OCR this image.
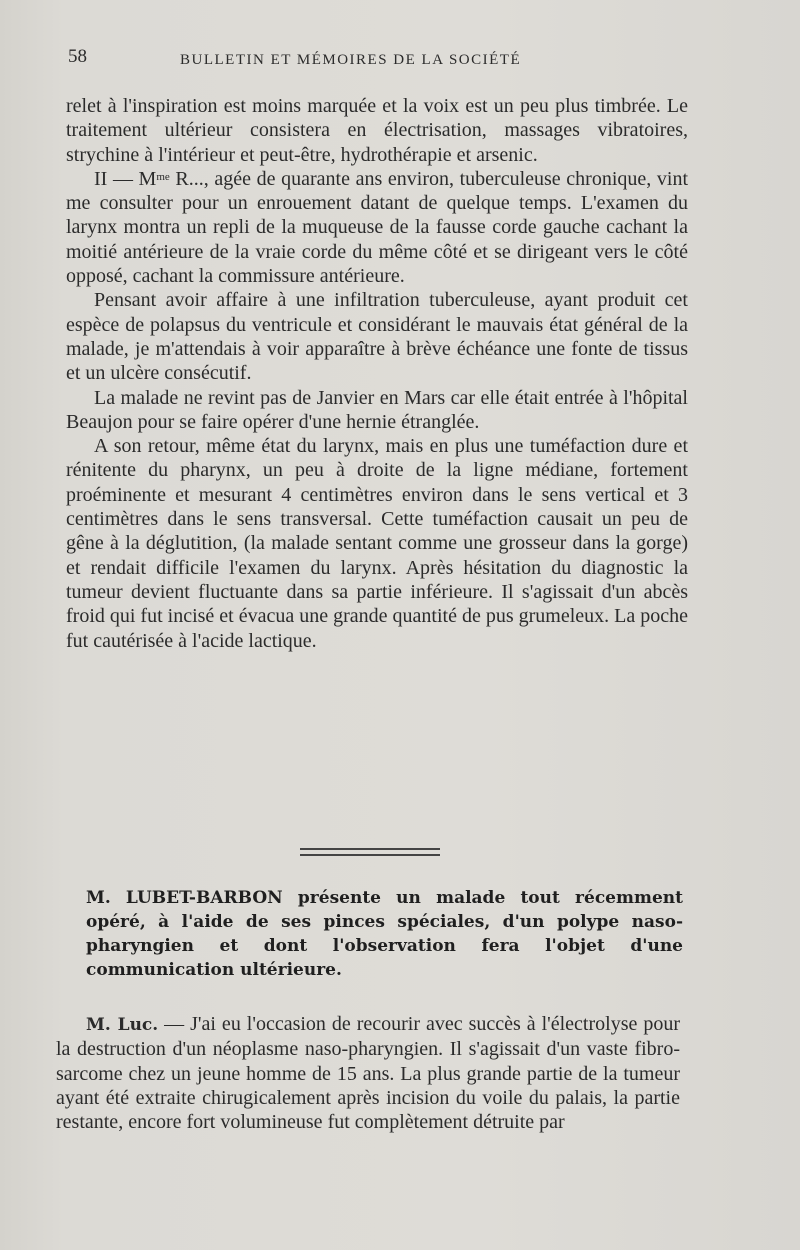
58	BULLETIN ET MÉMOIRES DE LA SOCIÉTÉ

relet à l'inspiration est moins marquée et la voix est un peu plus timbrée. Le traitement ultérieur consistera en électrisation, massages vibratoires, strychine à l'intérieur et peut-être, hydrothérapie et arsenic.

II — $M^{me}$ R..., agée de quarante ans environ, tuberculeuse chronique, vint me consulter pour un enrouement datant de quelque temps. L'examen du larynx montra un repli de la muqueuse de la fausse corde gauche cachant la moitié antérieure de la vraie corde du même côté et se dirigeant vers le côté opposé, cachant la commissure antérieure.

Pensant avoir affaire à une infiltration tuberculeuse, ayant produit cet espèce de polapsus du ventricule et considérant le mauvais état général de la malade, je m'attendais à voir apparaître à brève échéance une fonte de tissus et un ulcère consécutif.

La malade ne revint pas de Janvier en Mars car elle était entrée à l'hôpital Beaujon pour se faire opérer d'une hernie étranglée.

A son retour, même état du larynx, mais en plus une tuméfaction dure et rénitente du pharynx, un peu à droite de la ligne médiane, fortement proéminente et mesurant 4 centimètres environ dans le sens vertical et 3 centimètres dans le sens transversal. Cette tuméfaction causait un peu de gêne à la déglutition, (la malade sentant comme une grosseur dans la gorge) et rendait difficile l'examen du larynx. Après hésitation du diagnostic la tumeur devient fluctuante dans sa partie inférieure. Il s'agissait d'un abcès froid qui fut incisé et évacua une grande quantité de pus grumeleux. La poche fut cautérisée à l'acide lactique.

M. LUBET-BARBON présente un malade tout récemment opéré, à l'aide de ses pinces spéciales, d'un polype naso-pharyngien et dont l'observation fera l'objet d'une communication ultérieure.

M. Luc. — J'ai eu l'occasion de recourir avec succès à l'électrolyse pour la destruction d'un néoplasme naso-pharyngien. Il s'agissait d'un vaste fibro-sarcome chez un jeune homme de 15 ans. La plus grande partie de la tumeur ayant été extraite chirugicalement après incision du voile du palais, la partie restante, encore fort volumineuse fut complètement détruite par
